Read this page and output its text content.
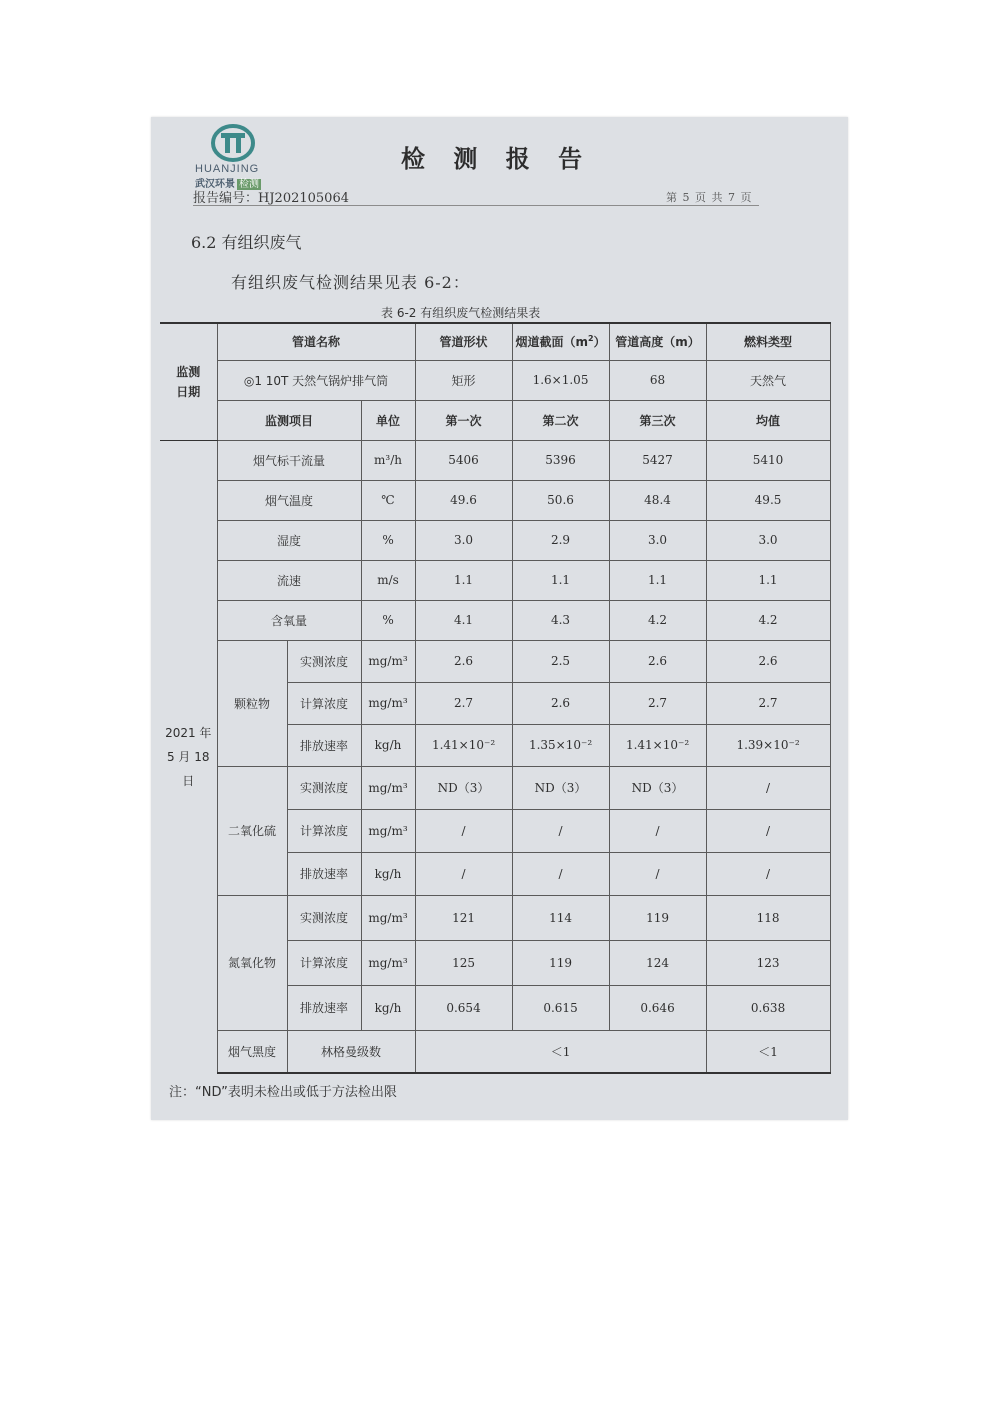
HUANJING
武汉环景 检测
检 测 报 告
报告编号：HJ202105064	第 5 页 共 7 页
6.2 有组织废气
有组织废气检测结果见表 6-2：
表 6-2 有组织废气检测结果表
监测
日期	管道名称			管道形状	烟道截面$(m^2)$	管道高度（m）	燃料类型
	◎1 10T 天然气锅炉排气筒			矩形	1.6×1.05	68	天然气
	监测项目		单位	第一次	第二次	第三次	均值
2021 年
5 月 18 日	烟气标干流量		m³/h	5406	5396	5427	5410
	烟气温度		℃	49.6	50.6	48.4	49.5
	湿度		%	3.0	2.9	3.0	3.0
	流速		m/s	1.1	1.1	1.1	1.1
	含氧量		%	4.1	4.3	4.2	4.2
	颗粒物	实测浓度	mg/m³	2.6	2.5	2.6	2.6
		计算浓度	mg/m³	2.7	2.6	2.7	2.7
		排放速率	kg/h	1.41×10⁻²	1.35×10⁻²	1.41×10⁻²	1.39×10⁻²
	二氧化硫	实测浓度	mg/m³	ND（3）	ND（3）	ND（3）	/
		计算浓度	mg/m³	/	/	/	/
		排放速率	kg/h	/	/	/	/
	氮氧化物	实测浓度	mg/m³	121	114	119	118
		计算浓度	mg/m³	125	119	124	123
		排放速率	kg/h	0.654	0.615	0.646	0.638
	烟气黑度	林格曼级数		＜1			＜1
注：“ND”表明未检出或低于方法检出限
